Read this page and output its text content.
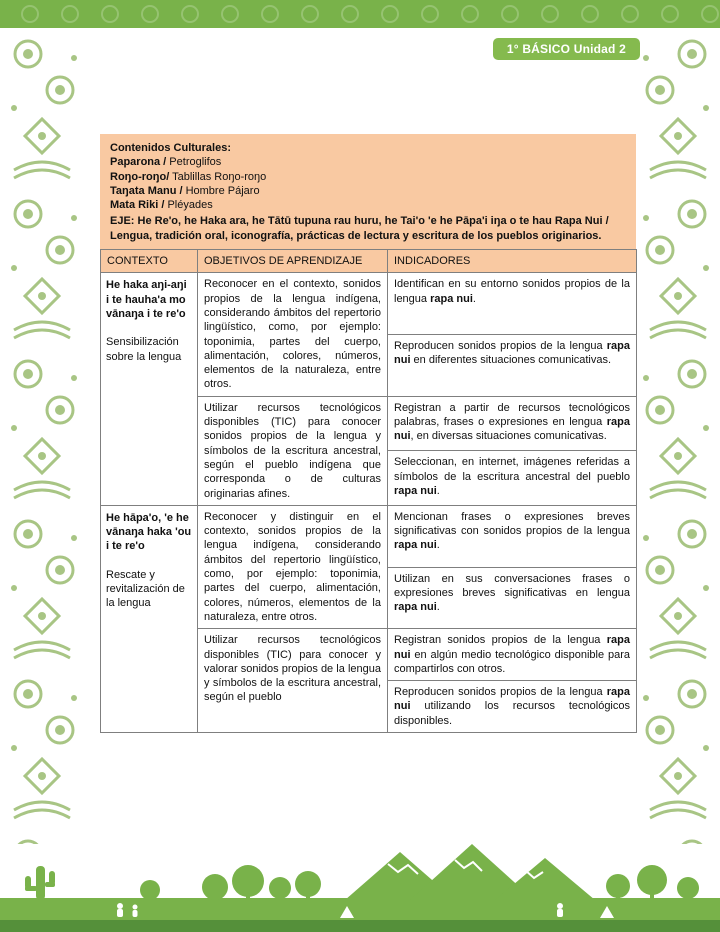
1° BÁSICO Unidad 2
Contenidos Culturales:
Paparona / Petroglifos
Roŋo-roŋo/ Tablillas Roŋo-roŋo
Taŋata Manu / Hombre Pájaro
Mata Riki / Pléyades
EJE: He Re'o, he Haka ara, he Tātū tupuna rau huru, he Tai'o 'e he Pāpa'i iŋa o te hau Rapa Nui / Lengua, tradición oral, iconografía, prácticas de lectura y escritura de los pueblos originarios.
CONTEXTO	OBJETIVOS DE APRENDIZAJE	INDICADORES

He haka aŋi-aŋi i te hauha'a mo vānaŋa i te re'o
Sensibilización sobre la lengua	Reconocer en el contexto, sonidos propios de la lengua indígena, considerando ámbitos del repertorio lingüístico, como, por ejemplo: toponimia, partes del cuerpo, alimentación, colores, números, elementos de la naturaleza, entre otros.	Identifican en su entorno sonidos propios de la lengua rapa nui.
		Reproducen sonidos propios de la lengua rapa nui en diferentes situaciones comunicativas.
	Utilizar recursos tecnológicos disponibles (TIC) para conocer sonidos propios de la lengua y símbolos de la escritura ancestral, según el pueblo indígena que corresponda o de culturas originarias afines.	Registran a partir de recursos tecnológicos palabras, frases o expresiones en lengua rapa nui, en diversas situaciones comunicativas.
		Seleccionan, en internet, imágenes referidas a símbolos de la escritura ancestral del pueblo rapa nui.

He hāpa'o, 'e he vānaŋa haka 'ou i te re'o
Rescate y revitalización de la lengua	Reconocer y distinguir en el contexto, sonidos propios de la lengua indígena, considerando ámbitos del repertorio lingüístico, como, por ejemplo: toponimia, partes del cuerpo, alimentación, colores, números, elementos de la naturaleza, entre otros.	Mencionan frases o expresiones breves significativas con sonidos propios de la lengua rapa nui.
		Utilizan en sus conversaciones frases o expresiones breves significativas en lengua rapa nui.
	Utilizar recursos tecnológicos disponibles (TIC) para conocer y valorar sonidos propios de la lengua y símbolos de la escritura ancestral, según el pueblo	Registran sonidos propios de la lengua rapa nui en algún medio tecnológico disponible para compartirlos con otros.
		Reproducen sonidos propios de la lengua rapa nui utilizando los recursos tecnológicos disponibles.
